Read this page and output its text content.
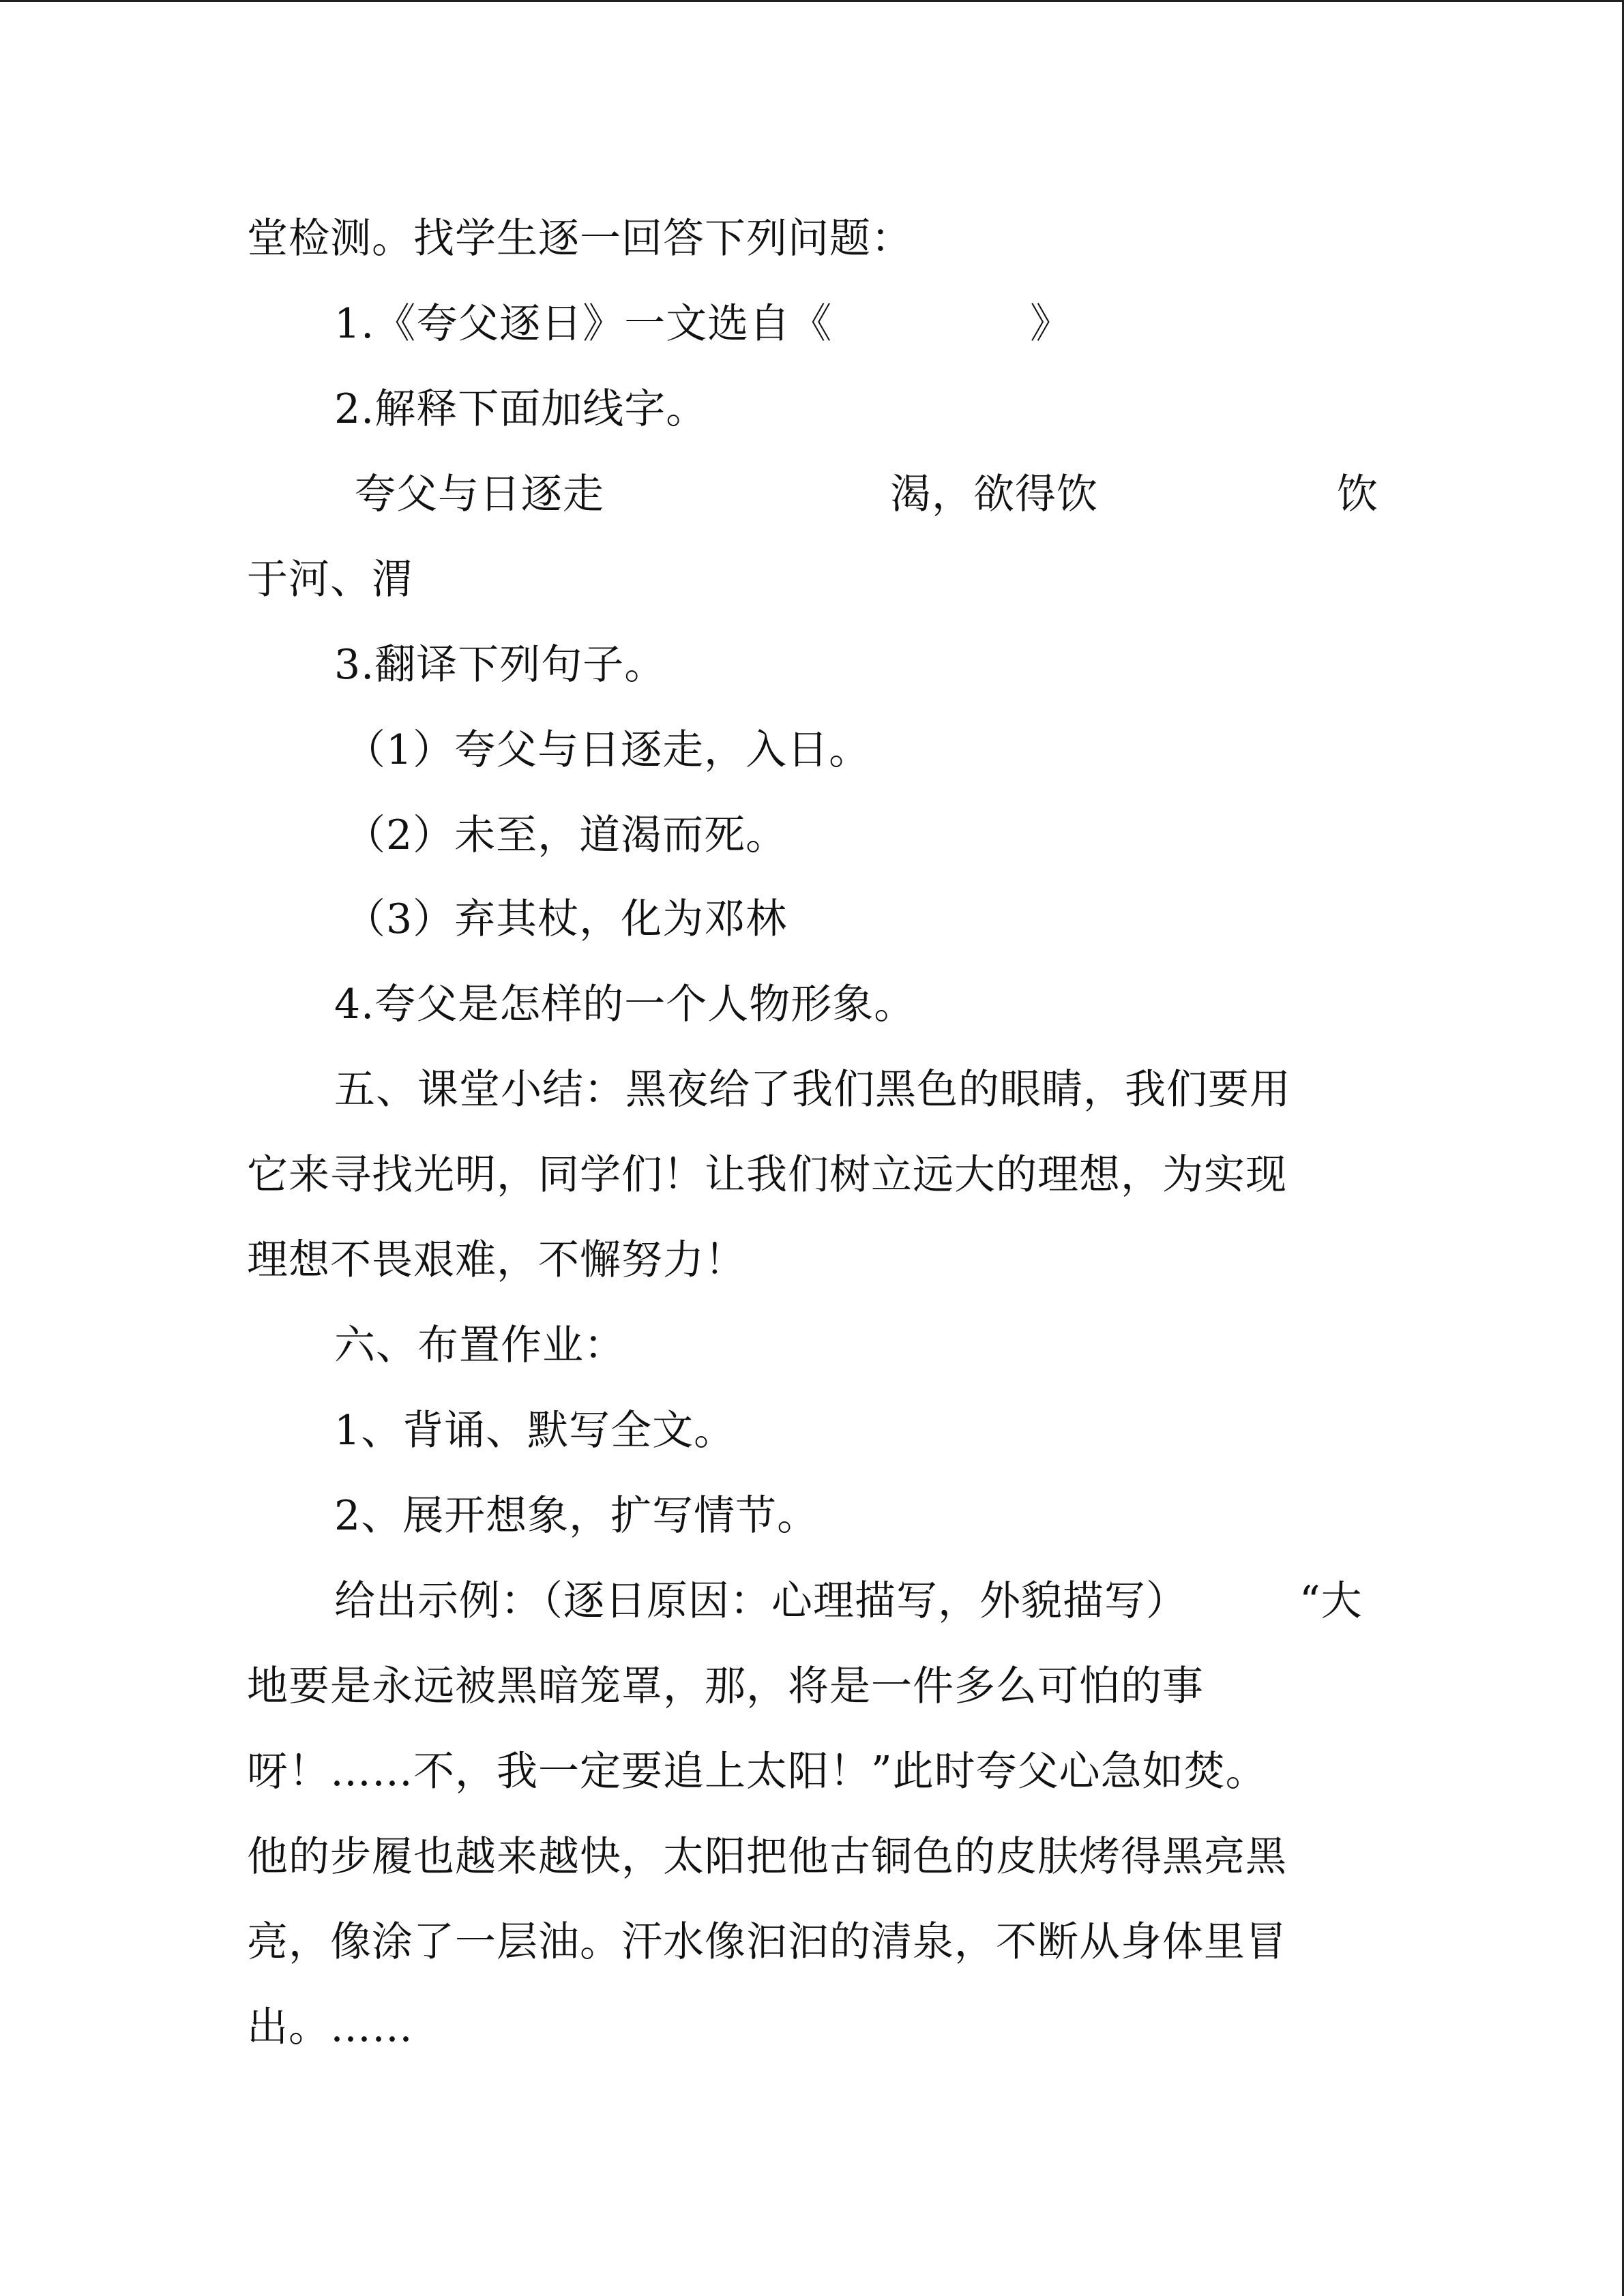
堂检测。找学生逐一回答下列问题：
1.《夸父逐日》一文选自《	》
2.解释下面加线字。
夸父与日逐走	渴，欲得饮	饮
于河、渭
3.翻译下列句子。
（1）夸父与日逐走，入日。
（2）未至，道渴而死。
（3）弃其杖，化为邓林
4.夸父是怎样的一个人物形象。
五、课堂小结：黑夜给了我们黑色的眼睛，我们要用
它来寻找光明，同学们！让我们树立远大的理想，为实现
理想不畏艰难，不懈努力！
六、布置作业：
1、背诵、默写全文。
2、展开想象，扩写情节。
给出示例：（逐日原因：心理描写，外貌描写）	“大
地要是永远被黑暗笼罩，那，将是一件多么可怕的事
呀！……不，我一定要追上太阳！”此时夸父心急如焚。
他的步履也越来越快，太阳把他古铜色的皮肤烤得黑亮黑
亮，像涂了一层油。汗水像汩汩的清泉，不断从身体里冒
出。……
